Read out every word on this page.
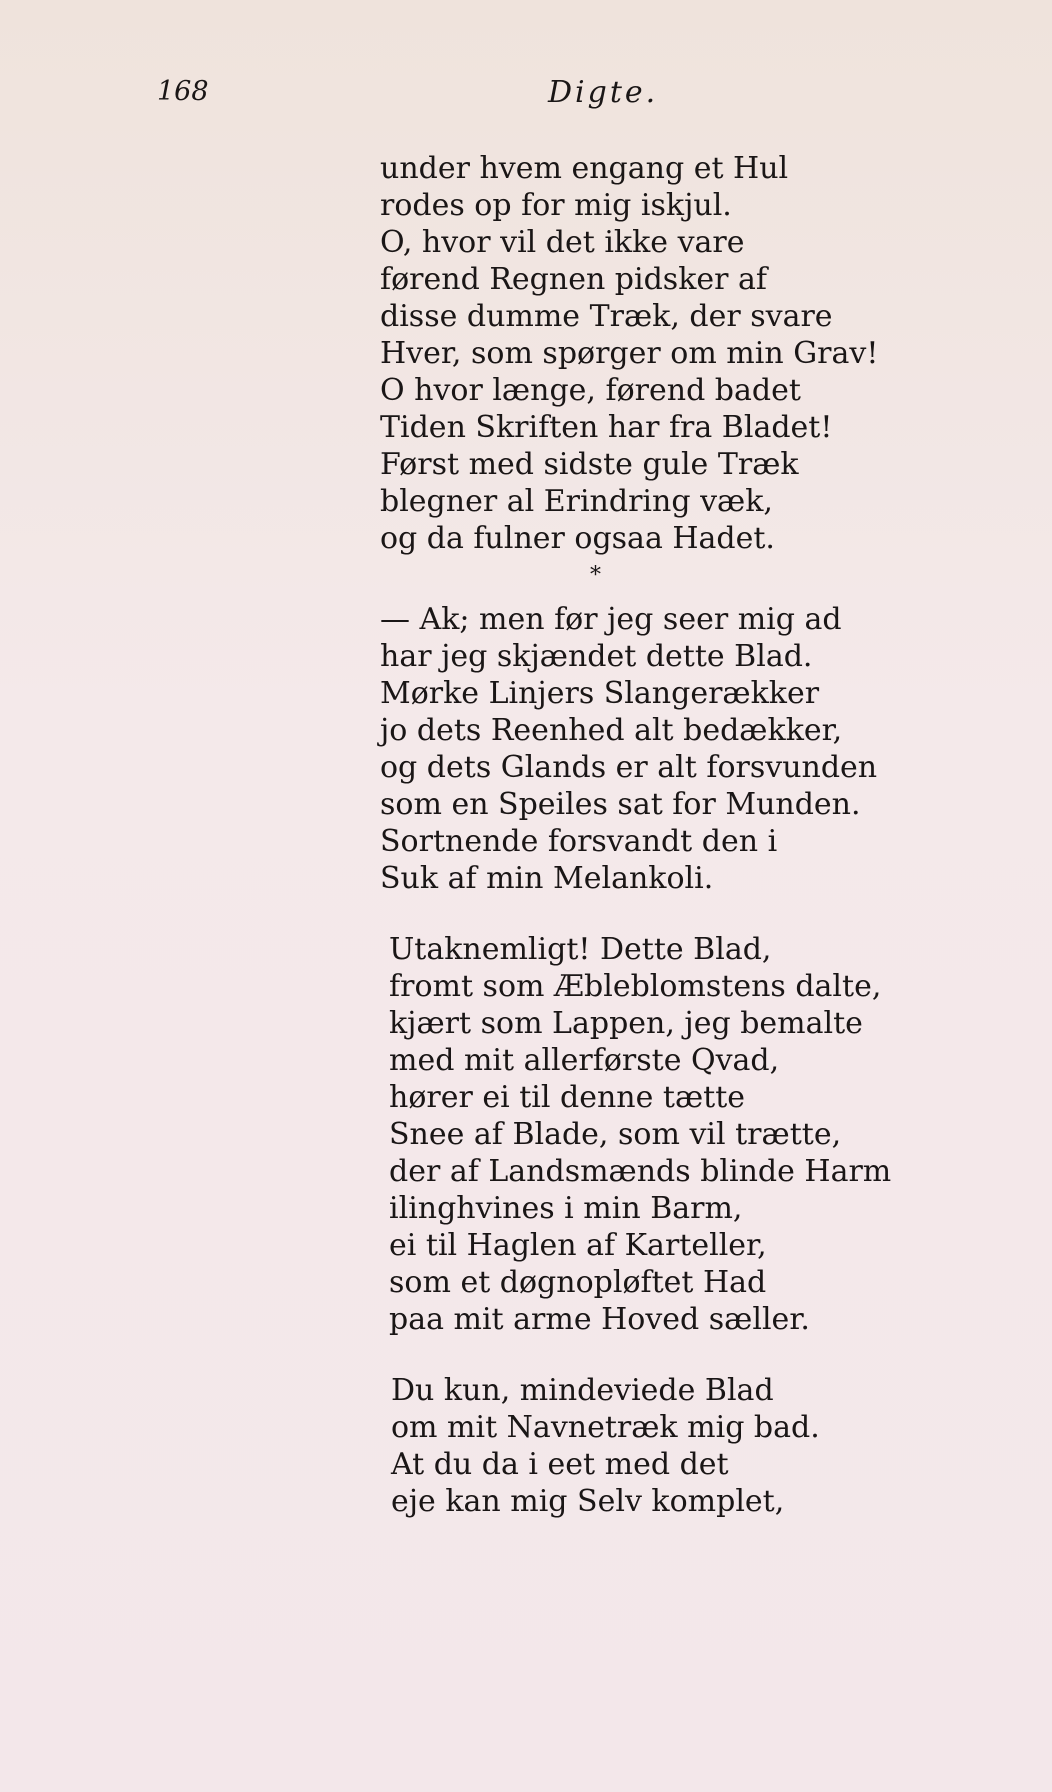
168	Digte.
under hvem engang et Hul
rodes op for mig iskjul.
O, hvor vil det ikke vare
førend Regnen pidsker af
disse dumme Træk, der svare
Hver, som spørger om min Grav!
O hvor længe, førend badet
Tiden Skriften har fra Bladet!
Først med sidste gule Træk
blegner al Erindring væk,
og da fulner ogsaa Hadet.
*
— Ak; men før jeg seer mig ad
har jeg skjændet dette Blad.
Mørke Linjers Slangerækker
jo dets Reenhed alt bedækker,
og dets Glands er alt forsvunden
som en Speiles sat for Munden.
Sortnende forsvandt den i
Suk af min Melankoli.
Utaknemligt! Dette Blad,
fromt som Æbleblomstens dalte,
kjært som Lappen, jeg bemalte
med mit allerførste Qvad,
hører ei til denne tætte
Snee af Blade, som vil trætte,
der af Landsmænds blinde Harm
ilinghvines i min Barm,
ei til Haglen af Karteller,
som et døgnopløftet Had
paa mit arme Hoved sæller.
Du kun, mindeviede Blad
om mit Navnetræk mig bad.
At du da i eet med det
eje kan mig Selv komplet,
